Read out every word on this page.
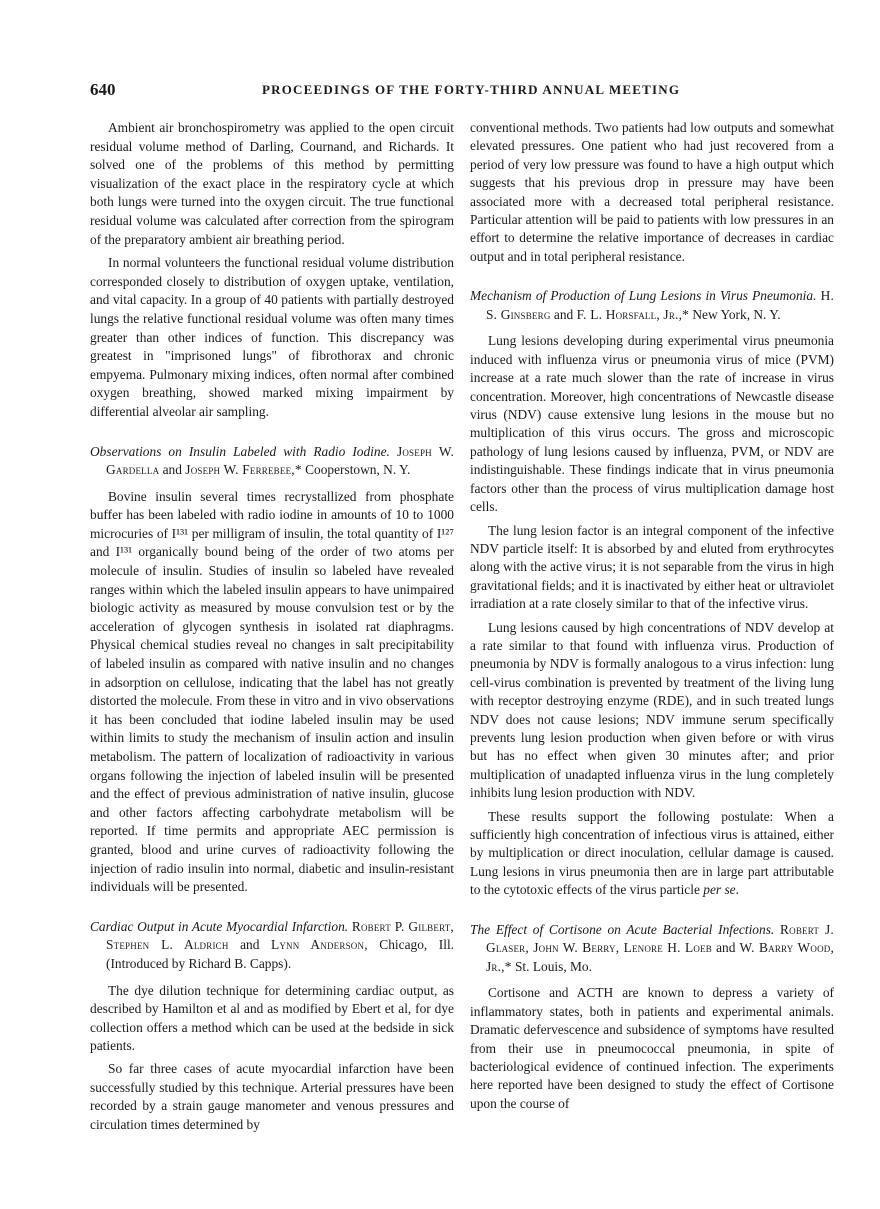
640	PROCEEDINGS OF THE FORTY-THIRD ANNUAL MEETING

Ambient air bronchospirometry was applied to the open circuit residual volume method of Darling, Cournand, and Richards. It solved one of the problems of this method by permitting visualization of the exact place in the respiratory cycle at which both lungs were turned into the oxygen circuit. The true functional residual volume was calculated after correction from the spirogram of the preparatory ambient air breathing period.

In normal volunteers the functional residual volume distribution corresponded closely to distribution of oxygen uptake, ventilation, and vital capacity. In a group of 40 patients with partially destroyed lungs the relative functional residual volume was often many times greater than other indices of function. This discrepancy was greatest in "imprisoned lungs" of fibrothorax and chronic empyema. Pulmonary mixing indices, often normal after combined oxygen breathing, showed marked mixing impairment by differential alveolar air sampling.

Observations on Insulin Labeled with Radio Iodine. Joseph W. Gardella and Joseph W. Ferrebee,* Cooperstown, N. Y.

Bovine insulin several times recrystallized from phosphate buffer has been labeled with radio iodine in amounts of 10 to 1000 microcuries of I¹³¹ per milligram of insulin, the total quantity of I¹²⁷ and I¹³¹ organically bound being of the order of two atoms per molecule of insulin. Studies of insulin so labeled have revealed ranges within which the labeled insulin appears to have unimpaired biologic activity as measured by mouse convulsion test or by the acceleration of glycogen synthesis in isolated rat diaphragms. Physical chemical studies reveal no changes in salt precipitability of labeled insulin as compared with native insulin and no changes in adsorption on cellulose, indicating that the label has not greatly distorted the molecule. From these in vitro and in vivo observations it has been concluded that iodine labeled insulin may be used within limits to study the mechanism of insulin action and insulin metabolism. The pattern of localization of radioactivity in various organs following the injection of labeled insulin will be presented and the effect of previous administration of native insulin, glucose and other factors affecting carbohydrate metabolism will be reported. If time permits and appropriate AEC permission is granted, blood and urine curves of radioactivity following the injection of radio insulin into normal, diabetic and insulin-resistant individuals will be presented.

Cardiac Output in Acute Myocardial Infarction. Robert P. Gilbert, Stephen L. Aldrich and Lynn Anderson, Chicago, Ill. (Introduced by Richard B. Capps).

The dye dilution technique for determining cardiac output, as described by Hamilton et al and as modified by Ebert et al, for dye collection offers a method which can be used at the bedside in sick patients.

So far three cases of acute myocardial infarction have been successfully studied by this technique. Arterial pressures have been recorded by a strain gauge manometer and venous pressures and circulation times determined by

conventional methods. Two patients had low outputs and somewhat elevated pressures. One patient who had just recovered from a period of very low pressure was found to have a high output which suggests that his previous drop in pressure may have been associated more with a decreased total peripheral resistance. Particular attention will be paid to patients with low pressures in an effort to determine the relative importance of decreases in cardiac output and in total peripheral resistance.

Mechanism of Production of Lung Lesions in Virus Pneumonia. H. S. Ginsberg and F. L. Horsfall, Jr.,* New York, N. Y.

Lung lesions developing during experimental virus pneumonia induced with influenza virus or pneumonia virus of mice (PVM) increase at a rate much slower than the rate of increase in virus concentration. Moreover, high concentrations of Newcastle disease virus (NDV) cause extensive lung lesions in the mouse but no multiplication of this virus occurs. The gross and microscopic pathology of lung lesions caused by influenza, PVM, or NDV are indistinguishable. These findings indicate that in virus pneumonia factors other than the process of virus multiplication damage host cells.

The lung lesion factor is an integral component of the infective NDV particle itself: It is absorbed by and eluted from erythrocytes along with the active virus; it is not separable from the virus in high gravitational fields; and it is inactivated by either heat or ultraviolet irradiation at a rate closely similar to that of the infective virus.

Lung lesions caused by high concentrations of NDV develop at a rate similar to that found with influenza virus. Production of pneumonia by NDV is formally analogous to a virus infection: lung cell-virus combination is prevented by treatment of the living lung with receptor destroying enzyme (RDE), and in such treated lungs NDV does not cause lesions; NDV immune serum specifically prevents lung lesion production when given before or with virus but has no effect when given 30 minutes after; and prior multiplication of unadapted influenza virus in the lung completely inhibits lung lesion production with NDV.

These results support the following postulate: When a sufficiently high concentration of infectious virus is attained, either by multiplication or direct inoculation, cellular damage is caused. Lung lesions in virus pneumonia then are in large part attributable to the cytotoxic effects of the virus particle per se.

The Effect of Cortisone on Acute Bacterial Infections. Robert J. Glaser, John W. Berry, Lenore H. Loeb and W. Barry Wood, Jr.,* St. Louis, Mo.

Cortisone and ACTH are known to depress a variety of inflammatory states, both in patients and experimental animals. Dramatic defervescence and subsidence of symptoms have resulted from their use in pneumococcal pneumonia, in spite of bacteriological evidence of continued infection. The experiments here reported have been designed to study the effect of Cortisone upon the course of
